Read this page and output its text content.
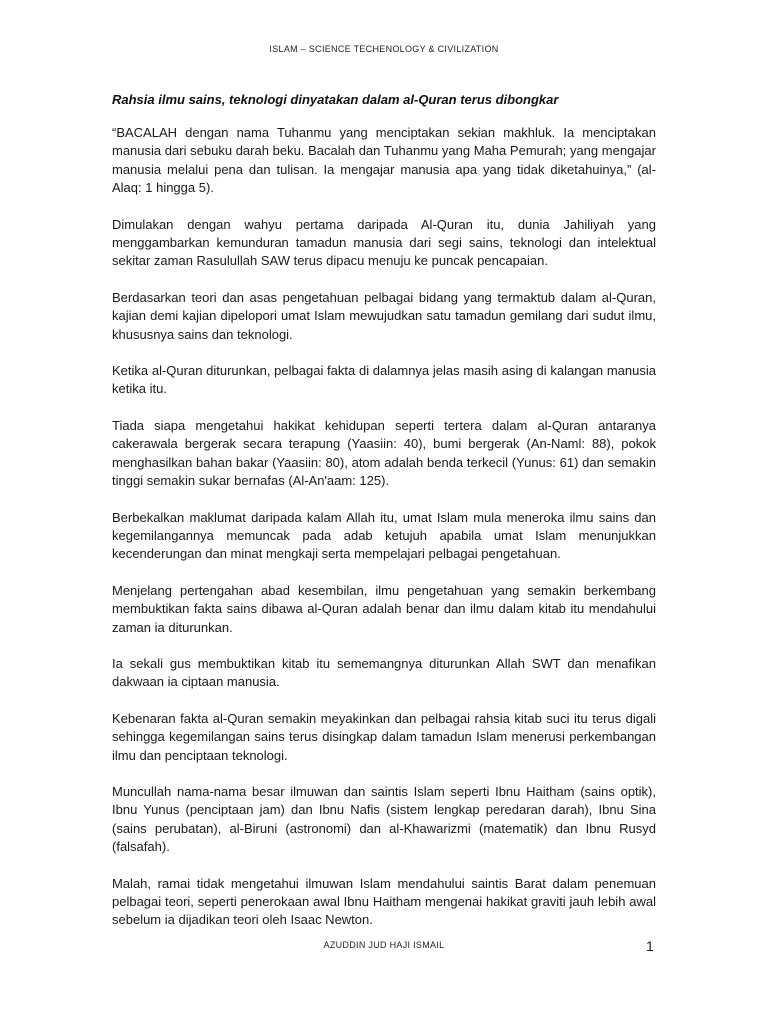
ISLAM – SCIENCE TECHENOLOGY & CIVILIZATION
Rahsia ilmu sains, teknologi dinyatakan dalam al-Quran terus dibongkar

“BACALAH dengan nama Tuhanmu yang menciptakan sekian makhluk. Ia menciptakan manusia dari sebuku darah beku. Bacalah dan Tuhanmu yang Maha Pemurah; yang mengajar manusia melalui pena dan tulisan. Ia mengajar manusia apa yang tidak diketahuinya,” (al-Alaq: 1 hingga 5).

Dimulakan dengan wahyu pertama daripada Al-Quran itu, dunia Jahiliyah yang menggambarkan kemunduran tamadun manusia dari segi sains, teknologi dan intelektual sekitar zaman Rasulullah SAW terus dipacu menuju ke puncak pencapaian.

Berdasarkan teori dan asas pengetahuan pelbagai bidang yang termaktub dalam al-Quran, kajian demi kajian dipelopori umat Islam mewujudkan satu tamadun gemilang dari sudut ilmu, khususnya sains dan teknologi.

Ketika al-Quran diturunkan, pelbagai fakta di dalamnya jelas masih asing di kalangan manusia ketika itu.

Tiada siapa mengetahui hakikat kehidupan seperti tertera dalam al-Quran antaranya cakerawala bergerak secara terapung (Yaasiin: 40), bumi bergerak (An-Naml: 88), pokok menghasilkan bahan bakar (Yaasiin: 80), atom adalah benda terkecil (Yunus: 61) dan semakin tinggi semakin sukar bernafas (Al-An'aam: 125).

Berbekalkan maklumat daripada kalam Allah itu, umat Islam mula meneroka ilmu sains dan kegemilangannya memuncak pada adab ketujuh apabila umat Islam menunjukkan kecenderungan dan minat mengkaji serta mempelajari pelbagai pengetahuan.

Menjelang pertengahan abad kesembilan, ilmu pengetahuan yang semakin berkembang membuktikan fakta sains dibawa al-Quran adalah benar dan ilmu dalam kitab itu mendahului zaman ia diturunkan.

Ia sekali gus membuktikan kitab itu sememangnya diturunkan Allah SWT dan menafikan dakwaan ia ciptaan manusia.

Kebenaran fakta al-Quran semakin meyakinkan dan pelbagai rahsia kitab suci itu terus digali sehingga kegemilangan sains terus disingkap dalam tamadun Islam menerusi perkembangan ilmu dan penciptaan teknologi.

Muncullah nama-nama besar ilmuwan dan saintis Islam seperti Ibnu Haitham (sains optik), Ibnu Yunus (penciptaan jam) dan Ibnu Nafis (sistem lengkap peredaran darah), Ibnu Sina (sains perubatan), al-Biruni (astronomi) dan al-Khawarizmi (matematik) dan Ibnu Rusyd (falsafah).

Malah, ramai tidak mengetahui ilmuwan Islam mendahului saintis Barat dalam penemuan pelbagai teori, seperti penerokaan awal Ibnu Haitham mengenai hakikat graviti jauh lebih awal sebelum ia dijadikan teori oleh Isaac Newton.

AZUDDIN JUD HAJI ISMAIL	1
